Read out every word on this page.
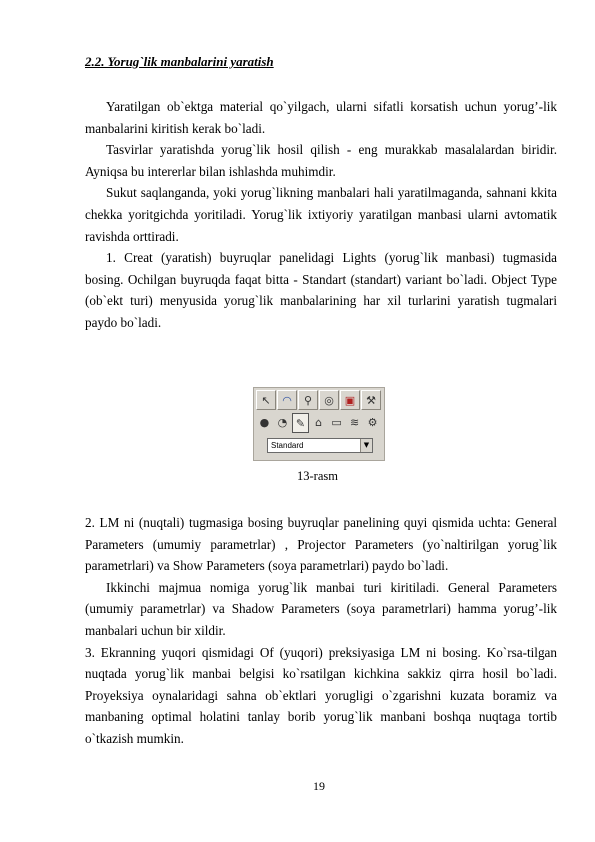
2.2. Yorug`lik manbalarini yaratish
Yaratilgan ob`ektga material qo`yilgach, ularni sifatli korsatish uchun yorug’-lik manbalarini kiritish kerak bo`ladi.
Tasvirlar yaratishda yorug`lik hosil qilish - eng murakkab masalalardan biridir. Ayniqsa bu intererlar bilan ishlashda muhimdir.
Sukut saqlanganda, yoki yorug`likning manbalari hali yaratilmaganda, sahnani kkita chekka yoritgichda yoritiladi. Yorug`lik ixtiyoriy yaratilgan manbasi ularni avtomatik ravishda orttiradi.
1. Creat (yaratish) buyruqlar panelidagi Lights (yorug`lik manbasi) tugmasida bosing. Ochilgan buyruqda faqat bitta - Standart (standart) variant bo`ladi. Object Type (ob`ekt turi) menyusida yorug`lik manbalarining har xil turlarini yaratish tugmalari paydo bo`ladi.
↖	◠	⚲	◎	▣ ⚒
● ◔ ✎ ⌂ ▭ ≋ ⚙
Standard	▼
13-rasm
2. LM ni (nuqtali) tugmasiga bosing buyruqlar panelining quyi qismida uchta: General Parameters (umumiy parametrlar) , Projector Parameters (yo`naltirilgan yorug`lik parametrlari) va Show Parameters (soya parametrlari) paydo bo`ladi.
Ikkinchi majmua nomiga yorug`lik manbai turi kiritiladi. General Parameters (umumiy parametrlar) va Shadow Parameters (soya parametrlari) hamma yorug’-lik manbalari uchun bir xildir.
3. Ekranning yuqori qismidagi Of (yuqori) preksiyasiga LM ni bosing. Ko`rsa-tilgan nuqtada yorug`lik manbai belgisi ko`rsatilgan kichkina sakkiz qirra hosil bo`ladi. Proyeksiya oynalaridagi sahna ob`ektlari yorugligi o`zgarishni kuzata boramiz va manbaning optimal holatini tanlay borib yorug`lik manbani boshqa nuqtaga tortib o`tkazish mumkin.
19
